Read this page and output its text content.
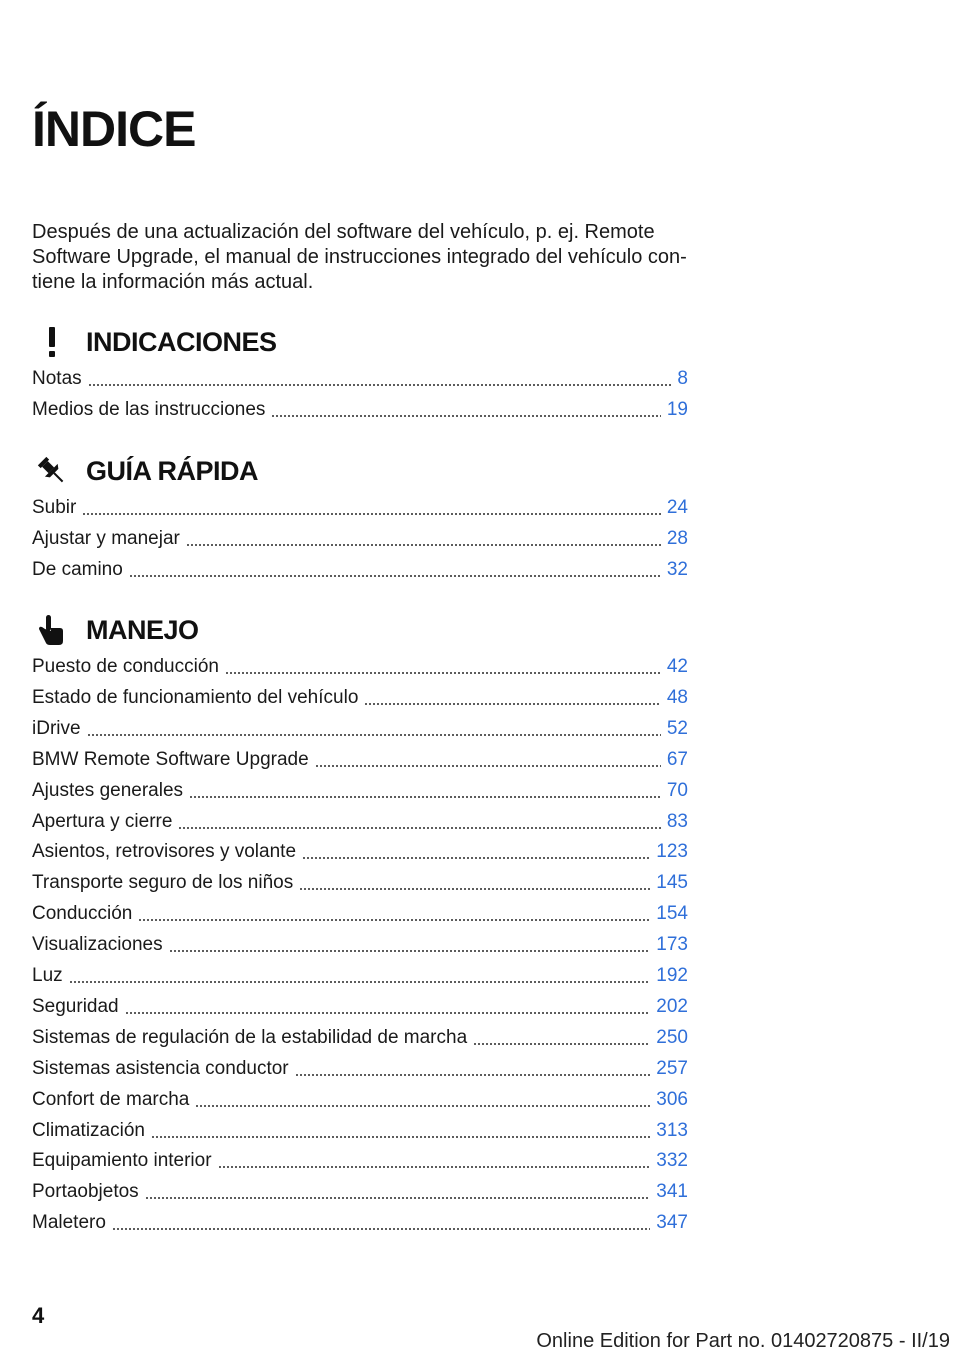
ÍNDICE

Después de una actualización del software del vehículo, p. ej. Remote

Software Upgrade, el manual de instrucciones integrado del vehículo con‐

tiene la información más actual.

INDICACIONES
Notas	8
Medios de las instrucciones	19
GUÍA RÁPIDA
Subir	24
Ajustar y manejar	28
De camino	32
MANEJO
Puesto de conducción	42
Estado de funcionamiento del vehículo	48
iDrive	52
BMW Remote Software Upgrade	67
Ajustes generales	70
Apertura y cierre	83
Asientos, retrovisores y volante	123
Transporte seguro de los niños	145
Conducción	154
Visualizaciones	173
Luz	192
Seguridad	202
Sistemas de regulación de la estabilidad de marcha	250
Sistemas asistencia conductor	257
Confort de marcha	306
Climatización	313
Equipamiento interior	332
Portaobjetos	341
Maletero	347
4
Online Edition for Part no. 01402720875 - II/19
